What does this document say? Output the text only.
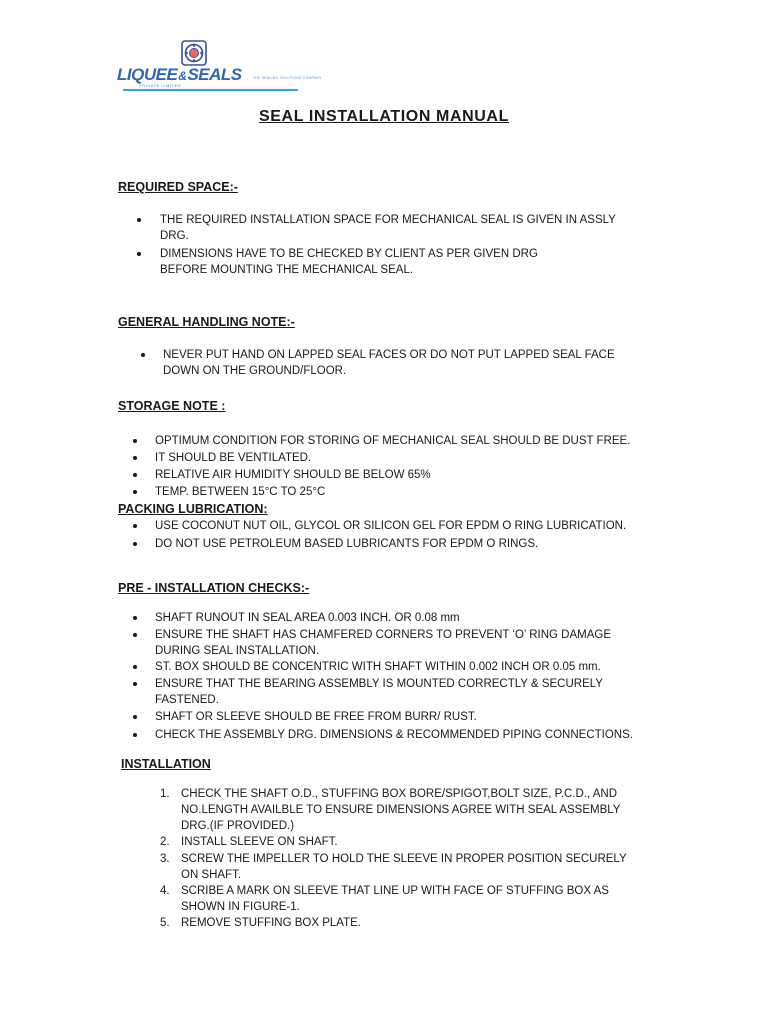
LIQUEE&SEALS	THE SEALING SOLUTIONS COMPANY
PRIVATE LIMITED
SEAL INSTALLATION MANUAL
REQUIRED SPACE:-
THE REQUIRED INSTALLATION SPACE FOR MECHANICAL SEAL IS GIVEN IN ASSLY
DRG.
DIMENSIONS HAVE TO BE CHECKED BY CLIENT AS PER GIVEN DRG
BEFORE MOUNTING THE MECHANICAL SEAL.
GENERAL HANDLING NOTE:-
NEVER PUT HAND ON LAPPED SEAL FACES OR DO NOT PUT LAPPED SEAL FACE
DOWN ON THE GROUND/FLOOR.
STORAGE NOTE :
OPTIMUM CONDITION FOR STORING OF MECHANICAL SEAL SHOULD BE DUST FREE.
IT SHOULD BE VENTILATED.
RELATIVE AIR HUMIDITY SHOULD BE BELOW 65%
TEMP. BETWEEN 15°C TO 25°C
PACKING LUBRICATION:
USE COCONUT NUT OIL, GLYCOL OR SILICON GEL FOR EPDM O RING LUBRICATION.
DO NOT USE PETROLEUM BASED LUBRICANTS FOR EPDM O RINGS.
PRE - INSTALLATION CHECKS:-
SHAFT RUNOUT IN SEAL AREA 0.003 INCH. OR 0.08 mm
ENSURE THE SHAFT HAS CHAMFERED CORNERS TO PREVENT ‘O’ RING DAMAGE
DURING SEAL INSTALLATION.
ST. BOX SHOULD BE CONCENTRIC WITH SHAFT WITHIN 0.002 INCH OR 0.05 mm.
ENSURE THAT THE BEARING ASSEMBLY IS MOUNTED CORRECTLY & SECURELY
FASTENED.
SHAFT OR SLEEVE SHOULD BE FREE FROM BURR/ RUST.
CHECK THE ASSEMBLY DRG. DIMENSIONS & RECOMMENDED PIPING CONNECTIONS.
INSTALLATION
1. CHECK THE SHAFT O.D., STUFFING BOX BORE/SPIGOT,BOLT SIZE, P.C.D., AND
NO.LENGTH AVAILBLE TO ENSURE DIMENSIONS AGREE WITH SEAL ASSEMBLY
DRG.(IF PROVIDED.)
2. INSTALL SLEEVE ON SHAFT.
3. SCREW THE IMPELLER TO HOLD THE SLEEVE IN PROPER POSITION SECURELY
ON SHAFT.
4. SCRIBE A MARK ON SLEEVE THAT LINE UP WITH FACE OF STUFFING BOX AS
SHOWN IN FIGURE-1.
5. REMOVE STUFFING BOX PLATE.
